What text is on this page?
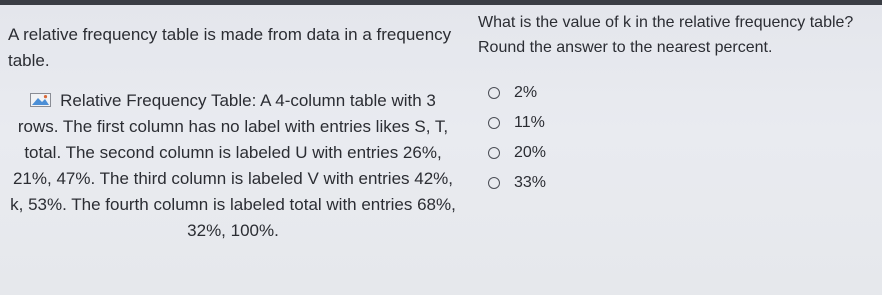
A relative frequency table is made from data in a frequency table.

Relative Frequency Table: A 4-column table with 3 rows. The first column has no label with entries likes S, T, total. The second column is labeled U with entries 26%, 21%, 47%. The third column is labeled V with entries 42%, k, 53%. The fourth column is labeled total with entries 68%, 32%, 100%.

What is the value of k in the relative frequency table?

Round the answer to the nearest percent.

2%
11%
20%
33%
